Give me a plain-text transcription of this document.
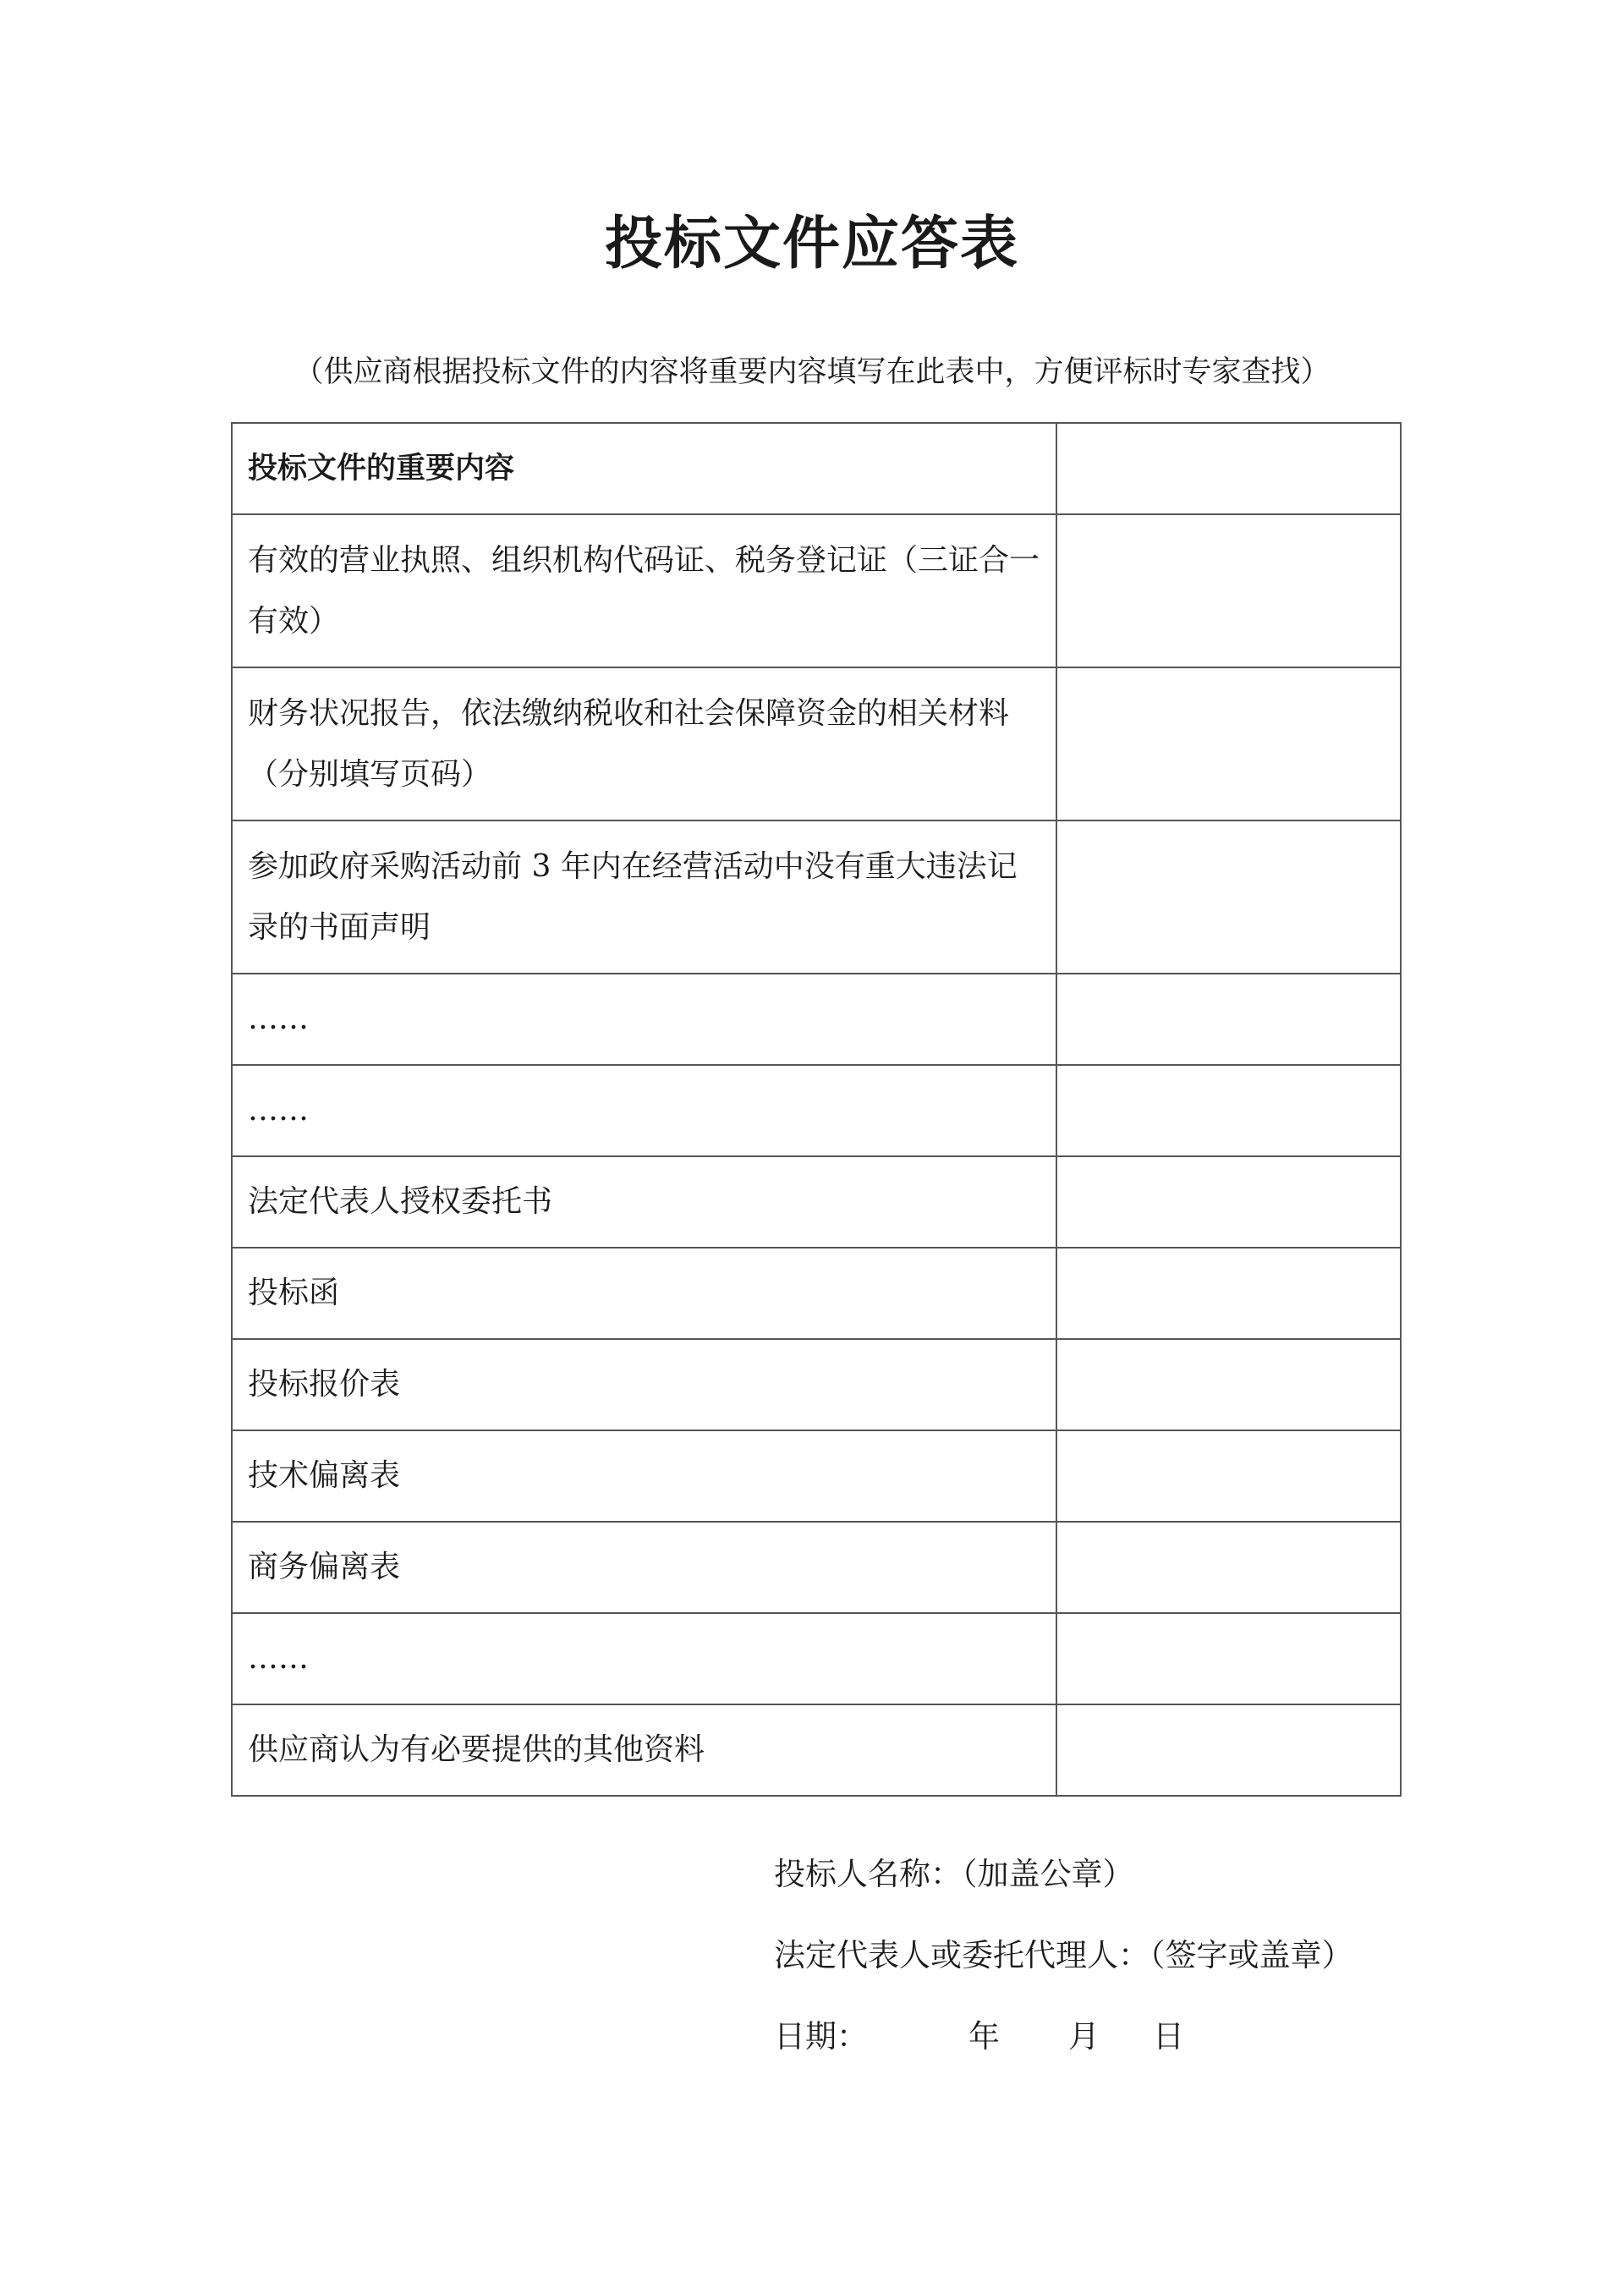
投标文件应答表
（供应商根据投标文件的内容将重要内容填写在此表中，方便评标时专家查找）
投标文件的重要内容	
有效的营业执照、组织机构代码证、税务登记证（三证合一有效）	
财务状况报告，依法缴纳税收和社会保障资金的相关材料（分别填写页码）	
参加政府采购活动前 3 年内在经营活动中没有重大违法记录的书面声明	
……	
……	
法定代表人授权委托书	
投标函	
投标报价表	
技术偏离表	
商务偏离表	
……	
供应商认为有必要提供的其他资料	
投标人名称：（加盖公章）
法定代表人或委托代理人：（签字或盖章）
日期：	年 月 日
